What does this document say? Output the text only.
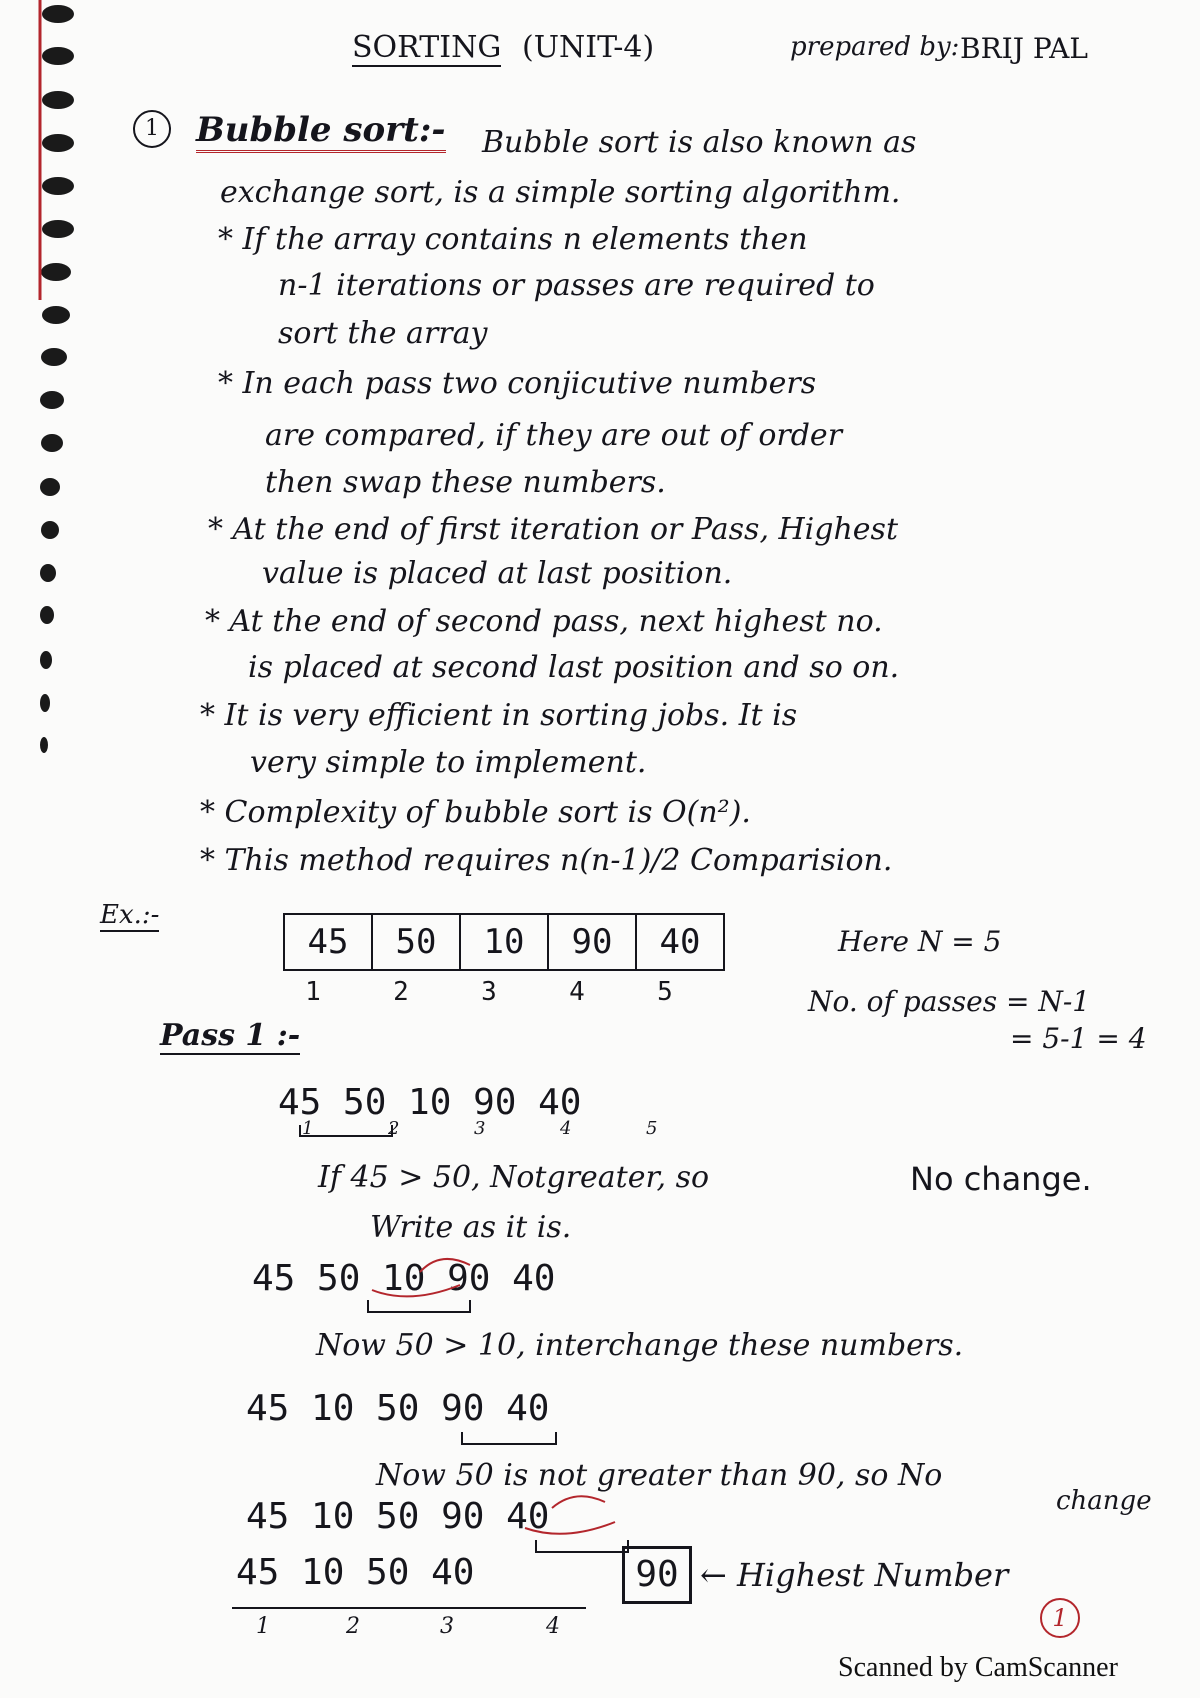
SORTING (UNIT-4)	prepared by: BRIJ PAL
1	Bubble sort:- Bubble sort is also known as
exchange sort, is a simple sorting algorithm.
* If the array contains n elements then
n-1 iterations or passes are required to
sort the array
* In each pass two conjicutive numbers
are compared, if they are out of order
then swap these numbers.
* At the end of first iteration or Pass, Highest
value is placed at last position.
* At the end of second pass, next highest no.
is placed at second last position and so on.
* It is very efficient in sorting jobs. It is
very simple to implement.
* Complexity of bubble sort is O(n²).
* This method requires n(n-1)/2 Comparision.
Ex.:-
45	50	10	90	40
1	2	3	4	5
Here N = 5
No. of passes = N-1
= 5-1 = 4
Pass 1 :-
45 50 10 90 40
1	2	3	4	5
If 45 > 50, Notgreater, so	No change.
Write as it is.
45 50 10 90 40
Now 50 > 10, interchange these numbers.
45 10 50 90 40
Now 50 is not greater than 90, so No
change
45 10 50 90 40
45 10 50 40	90 ← Highest Number
1	2	3	4	1
Scanned by CamScanner
